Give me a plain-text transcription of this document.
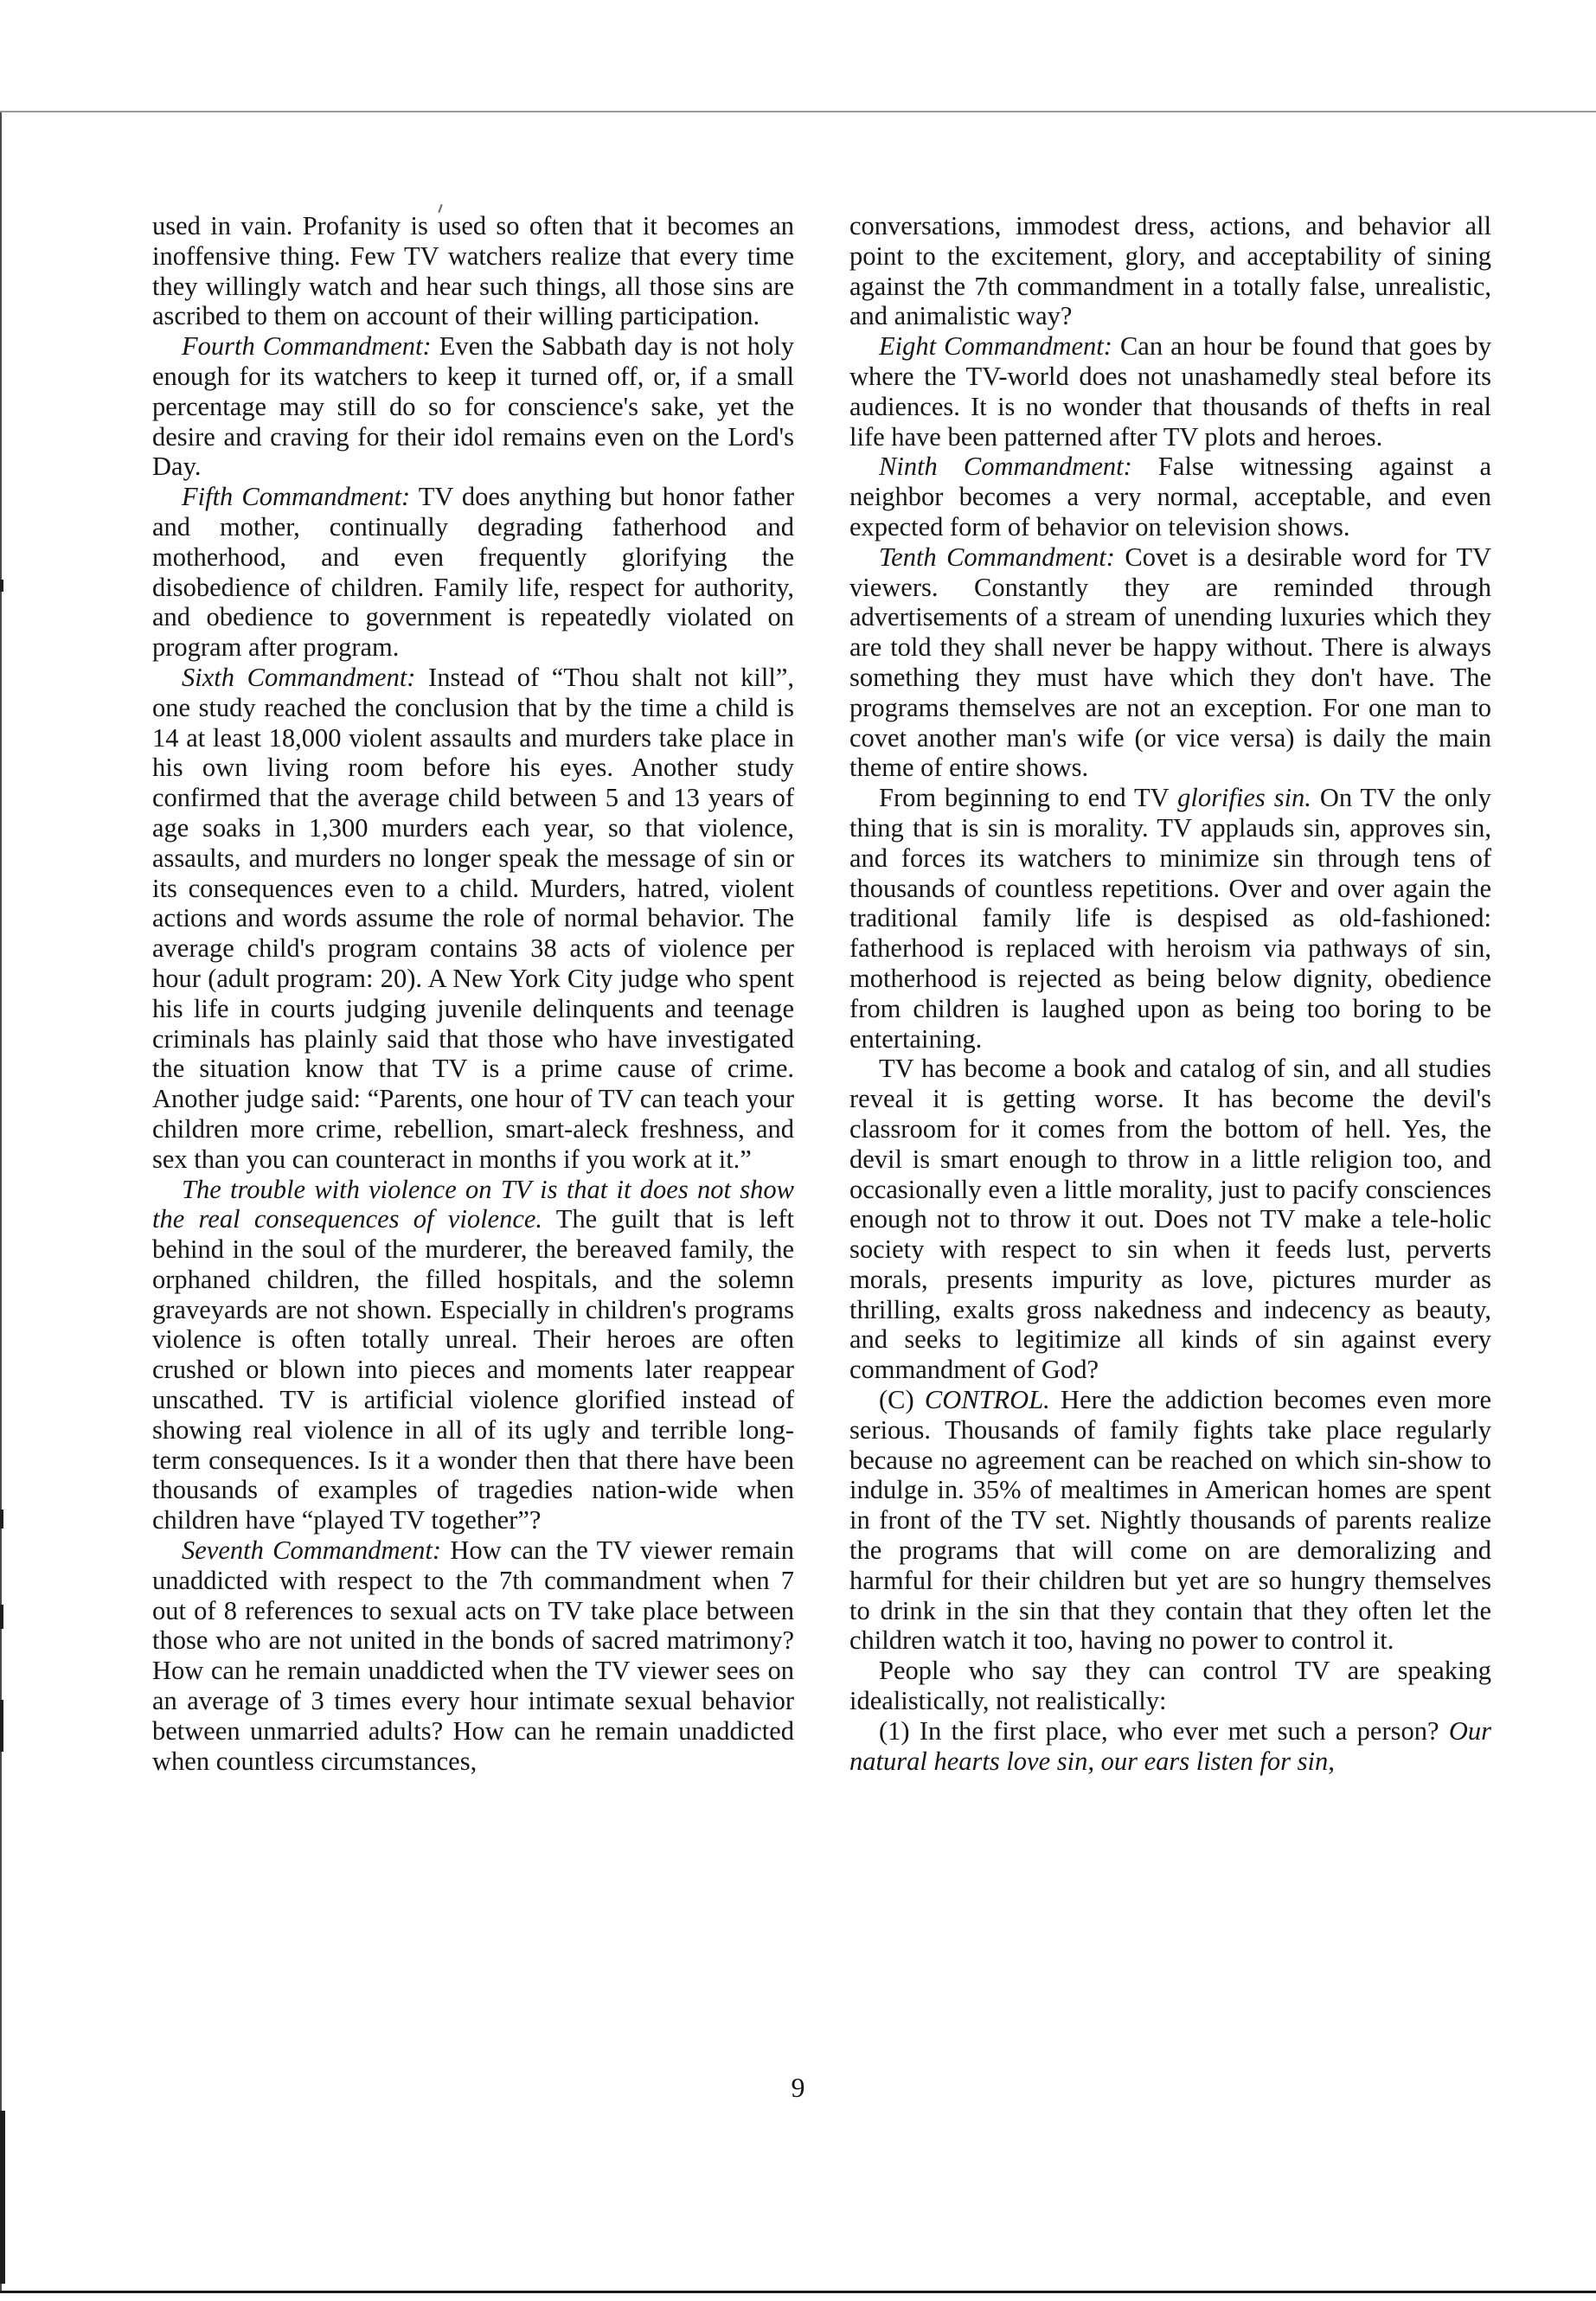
used in vain. Profanity is used so often that it becomes an inoffensive thing. Few TV watchers realize that every time they willingly watch and hear such things, all those sins are ascribed to them on account of their willing participation.

Fourth Commandment: Even the Sabbath day is not holy enough for its watchers to keep it turned off, or, if a small percentage may still do so for conscience's sake, yet the desire and craving for their idol remains even on the Lord's Day.

Fifth Commandment: TV does anything but honor father and mother, continually degrading fatherhood and motherhood, and even frequently glorifying the disobedience of children. Family life, respect for authority, and obedience to government is repeatedly violated on program after program.

Sixth Commandment: Instead of “Thou shalt not kill”, one study reached the conclusion that by the time a child is 14 at least 18,000 violent assaults and murders take place in his own living room before his eyes. Another study confirmed that the average child between 5 and 13 years of age soaks in 1,300 murders each year, so that violence, assaults, and murders no longer speak the message of sin or its consequences even to a child. Murders, hatred, violent actions and words assume the role of normal behavior. The average child's program contains 38 acts of violence per hour (adult program: 20). A New York City judge who spent his life in courts judging juvenile delinquents and teenage criminals has plainly said that those who have investigated the situation know that TV is a prime cause of crime. Another judge said: “Parents, one hour of TV can teach your children more crime, rebellion, smart-aleck freshness, and sex than you can counteract in months if you work at it.”

The trouble with violence on TV is that it does not show the real consequences of violence. The guilt that is left behind in the soul of the murderer, the bereaved family, the orphaned children, the filled hospitals, and the solemn graveyards are not shown. Especially in children's programs violence is often totally unreal. Their heroes are often crushed or blown into pieces and moments later reappear unscathed. TV is artificial violence glorified instead of showing real violence in all of its ugly and terrible long-term consequences. Is it a wonder then that there have been thousands of examples of tragedies nation-wide when children have “played TV together”?

Seventh Commandment: How can the TV viewer remain unaddicted with respect to the 7th commandment when 7 out of 8 references to sexual acts on TV take place between those who are not united in the bonds of sacred matrimony? How can he remain unaddicted when the TV viewer sees on an average of 3 times every hour intimate sexual behavior between unmarried adults? How can he remain unaddicted when countless circumstances,

conversations, immodest dress, actions, and behavior all point to the excitement, glory, and acceptability of sining against the 7th commandment in a totally false, unrealistic, and animalistic way?

Eight Commandment: Can an hour be found that goes by where the TV-world does not unashamedly steal before its audiences. It is no wonder that thousands of thefts in real life have been patterned after TV plots and heroes.

Ninth Commandment: False witnessing against a neighbor becomes a very normal, acceptable, and even expected form of behavior on television shows.

Tenth Commandment: Covet is a desirable word for TV viewers. Constantly they are reminded through advertisements of a stream of unending luxuries which they are told they shall never be happy without. There is always something they must have which they don't have. The programs themselves are not an exception. For one man to covet another man's wife (or vice versa) is daily the main theme of entire shows.

From beginning to end TV glorifies sin. On TV the only thing that is sin is morality. TV applauds sin, approves sin, and forces its watchers to minimize sin through tens of thousands of countless repetitions. Over and over again the traditional family life is despised as old-fashioned: fatherhood is replaced with heroism via pathways of sin, motherhood is rejected as being below dignity, obedience from children is laughed upon as being too boring to be entertaining.

TV has become a book and catalog of sin, and all studies reveal it is getting worse. It has become the devil's classroom for it comes from the bottom of hell. Yes, the devil is smart enough to throw in a little religion too, and occasionally even a little morality, just to pacify consciences enough not to throw it out. Does not TV make a tele-holic society with respect to sin when it feeds lust, perverts morals, presents impurity as love, pictures murder as thrilling, exalts gross nakedness and indecency as beauty, and seeks to legitimize all kinds of sin against every commandment of God?

(C) CONTROL. Here the addiction becomes even more serious. Thousands of family fights take place regularly because no agreement can be reached on which sin-show to indulge in. 35% of mealtimes in American homes are spent in front of the TV set. Nightly thousands of parents realize the programs that will come on are demoralizing and harmful for their children but yet are so hungry themselves to drink in the sin that they contain that they often let the children watch it too, having no power to control it.

People who say they can control TV are speaking idealistically, not realistically:

(1) In the first place, who ever met such a person? Our natural hearts love sin, our ears listen for sin,

9
